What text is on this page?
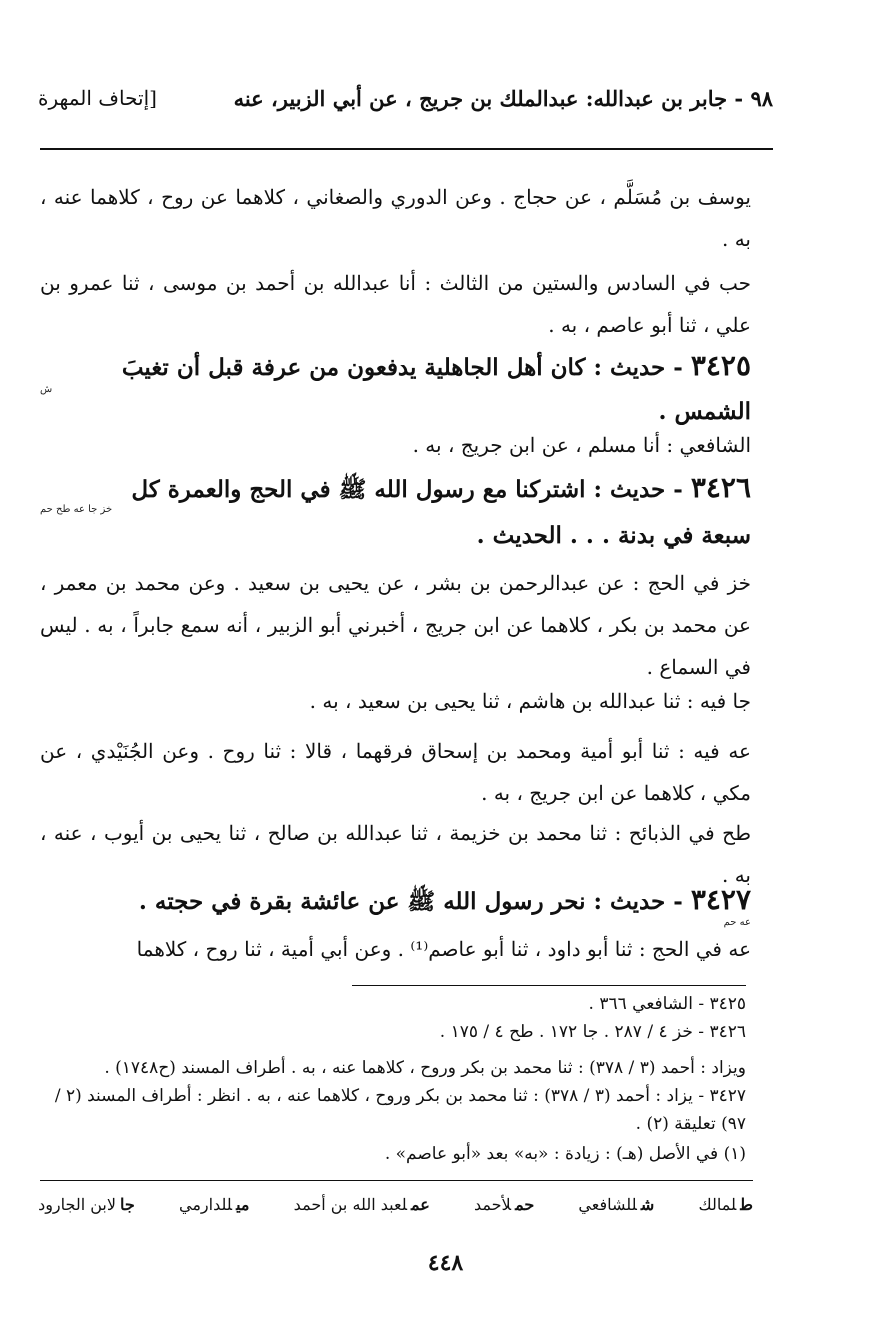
٩٨ - جابر بن عبدالله: عبدالملك بن جريج ، عن أبي الزبير، عنه
[إتحاف المهرة
يوسف بن مُسَلَّم ، عن حجاج . وعن الدوري والصغاني ، كلاهما عن روح ، كلاهما عنه ، به .
حب في السادس والستين من الثالث : أنا عبدالله بن أحمد بن موسى ، ثنا عمرو بن علي ، ثنا أبو عاصم ، به .
٣٤٢٥ - حديث : كان أهل الجاهلية يدفعون من عرفة قبل أن تغيبَ
ش
الشمس .
الشافعي : أنا مسلم ، عن ابن جريج ، به .
٣٤٢٦ - حديث : اشتركنا مع رسول الله ﷺ في الحج والعمرة كل
خز جا عه طح حم
سبعة في بدنة . . . الحديث .
خز في الحج : عن عبدالرحمن بن بشر ، عن يحيى بن سعيد . وعن محمد بن معمر ، عن محمد بن بكر ، كلاهما عن ابن جريج ، أخبرني أبو الزبير ، أنه سمع جابراً ، به . ليس في السماع .
جا فيه : ثنا عبدالله بن هاشم ، ثنا يحيى بن سعيد ، به .
عه فيه : ثنا أبو أمية ومحمد بن إسحاق فرقهما ، قالا : ثنا روح . وعن الجُنَيْدي ، عن مكي ، كلاهما عن ابن جريج ، به .
طح في الذبائح : ثنا محمد بن خزيمة ، ثنا عبدالله بن صالح ، ثنا يحيى بن أيوب ، عنه ، به .
٣٤٢٧ - حديث : نحر رسول الله ﷺ عن عائشة بقرة في حجته .
عه حم
عه في الحج : ثنا أبو داود ، ثنا أبو عاصم⁽¹⁾ . وعن أبي أمية ، ثنا روح ، كلاهما
٣٤٢٥ - الشافعي ٣٦٦ .
٣٤٢٦ - خز ٤ / ٢٨٧ . جا ١٧٢ . طح ٤ / ١٧٥ .
ويزاد : أحمد (٣ / ٣٧٨) : ثنا محمد بن بكر وروح ، كلاهما عنه ، به . أطراف المسند (ح١٧٤٨) .
٣٤٢٧ - يزاد : أحمد (٣ / ٣٧٨) : ثنا محمد بن بكر وروح ، كلاهما عنه ، به . انظر : أطراف المسند (٢ / ٩٧) تعليقة (٢) .
(١) في الأصل (هـ) : زيادة : «به» بعد «أبو عاصم» .
طلمالك
شللشافعي
حملأحمد
عملعبد الله بن أحمد
ميللدارمي
جالابن الجارود
٤٤٨
